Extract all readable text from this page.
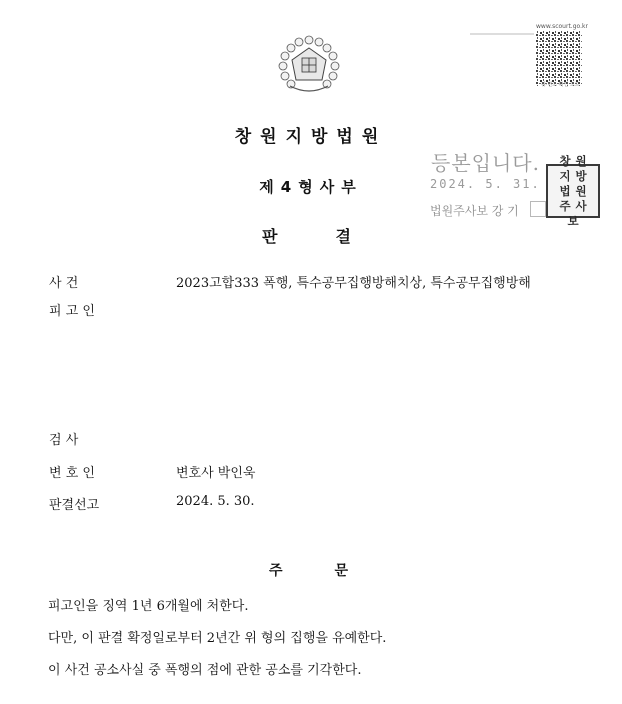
www.scourt.go.kr
위·변조 확인 코드
창원지방법원
제4형사부
판	결
등본입니다.
2024. 5. 31.
법원주사보 강 기
창 원
지 방
법 원
주 사
보
사 건	2023고합333 폭행, 특수공무집행방해치상, 특수공무집행방해
피 고 인
검 사
변 호 인	변호사 박인욱
판결선고	2024. 5. 30.
주	문
피고인을 징역 1년 6개월에 처한다.
다만, 이 판결 확정일로부터 2년간 위 형의 집행을 유예한다.
이 사건 공소사실 중 폭행의 점에 관한 공소를 기각한다.
